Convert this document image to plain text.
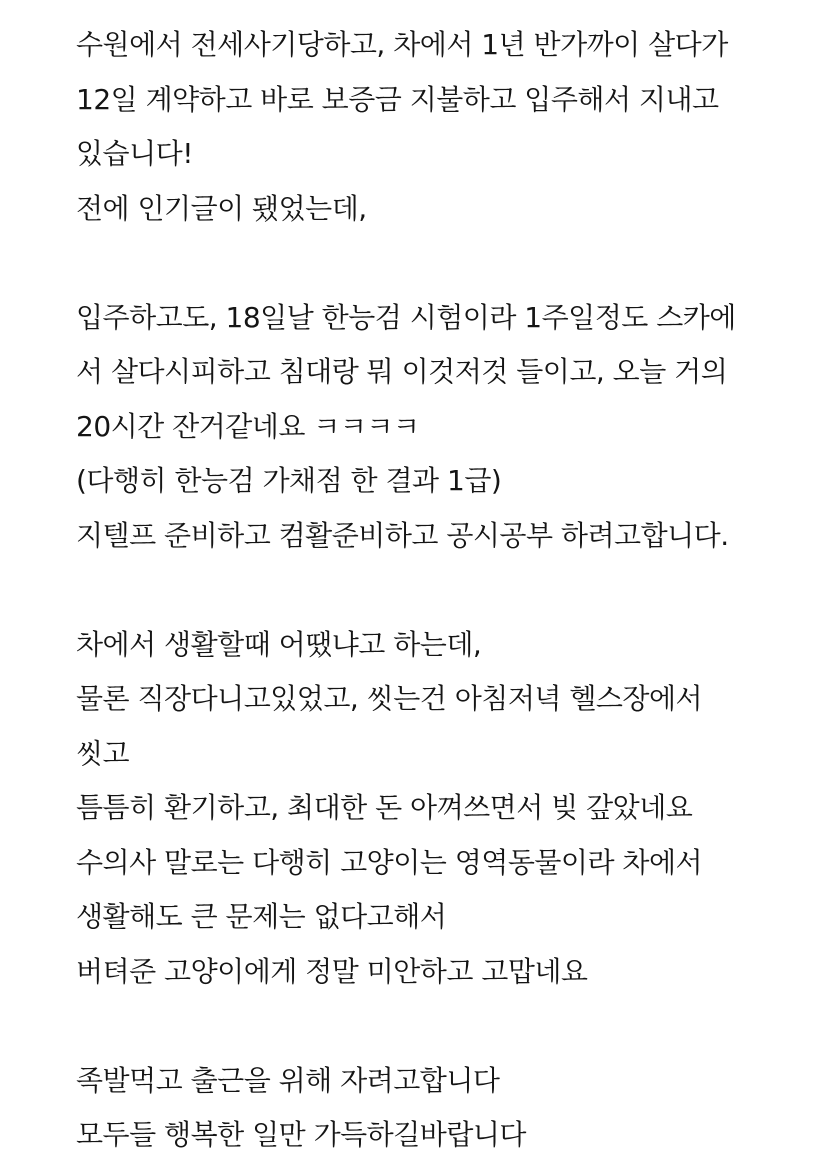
수원에서 전세사기당하고, 차에서 1년 반가까이 살다가
12일 계약하고 바로 보증금 지불하고 입주해서 지내고
있습니다!
전에 인기글이 됐었는데,
입주하고도, 18일날 한능검 시험이라 1주일정도 스카에
서 살다시피하고 침대랑 뭐 이것저것 들이고, 오늘 거의
20시간 잔거같네요 ㅋㅋㅋㅋ
(다행히 한능검 가채점 한 결과 1급)
지텔프 준비하고 컴활준비하고 공시공부 하려고합니다.
차에서 생활할때 어땠냐고 하는데,
물론 직장다니고있었고, 씻는건 아침저녁 헬스장에서
씻고
틈틈히 환기하고, 최대한 돈 아껴쓰면서 빚 갚았네요
수의사 말로는 다행히 고양이는 영역동물이라 차에서
생활해도 큰 문제는 없다고해서
버텨준 고양이에게 정말 미안하고 고맙네요
족발먹고 출근을 위해 자려고합니다
모두들 행복한 일만 가득하길바랍니다
